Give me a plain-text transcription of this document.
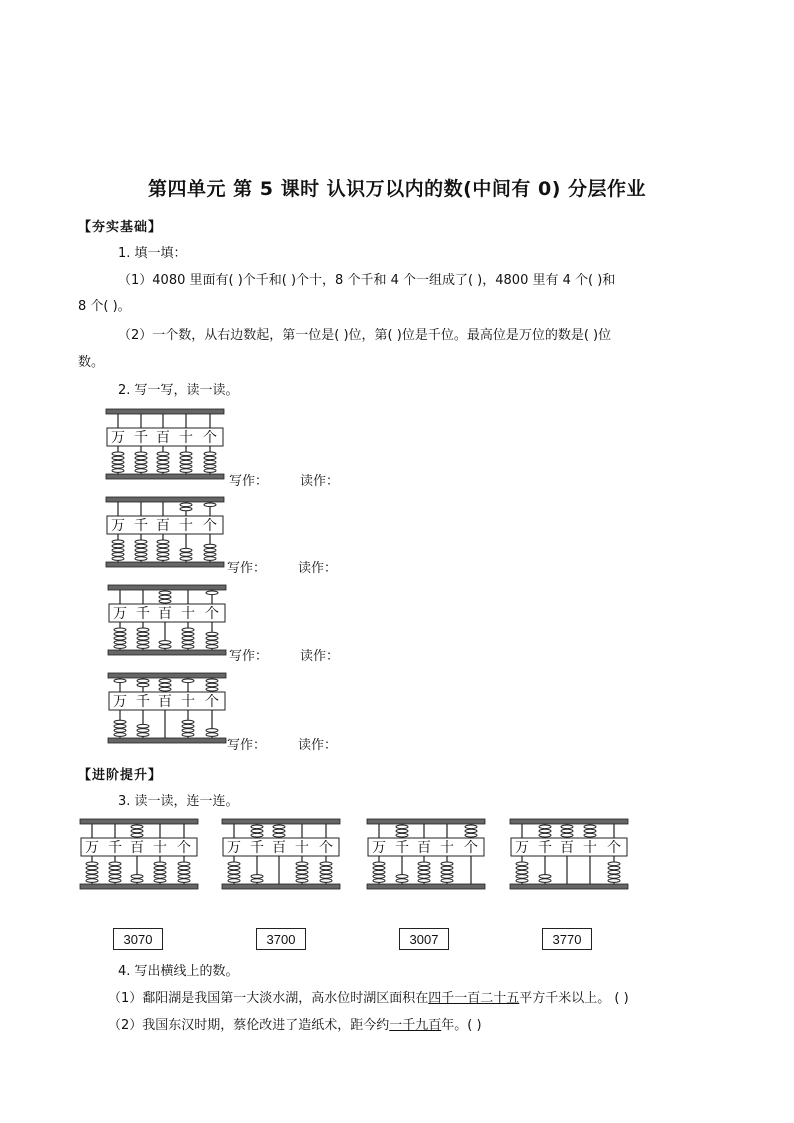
第四单元 第 5 课时 认识万以内的数(中间有 0) 分层作业
【夯实基础】
1. 填一填：
（1）4080 里面有( )个千和( )个十，8 个千和 4 个一组成了( )，4800 里有 4 个( )和
8 个( )。
（2）一个数，从右边数起，第一位是( )位，第( )位是千位。最高位是万位的数是( )位
数。
2. 写一写，读一读。
万 千 百 十 个
写作： 读作：
万 千 百 十 个
写作： 读作：
万 千 百 十 个
写作： 读作：
万 千 百 十 个
写作： 读作：
【进阶提升】
3. 读一读，连一连。
万 千 百 十 个	万 千 百 十 个	万 千 百 十 个	万 千 百 十 个
3070	3700	3007	3770
4. 写出横线上的数。
（1）鄱阳湖是我国第一大淡水湖，高水位时湖区面积在四千一百二十五平方千米以上。 ( )
（2）我国东汉时期，蔡伦改进了造纸术，距今约一千九百年。( )
